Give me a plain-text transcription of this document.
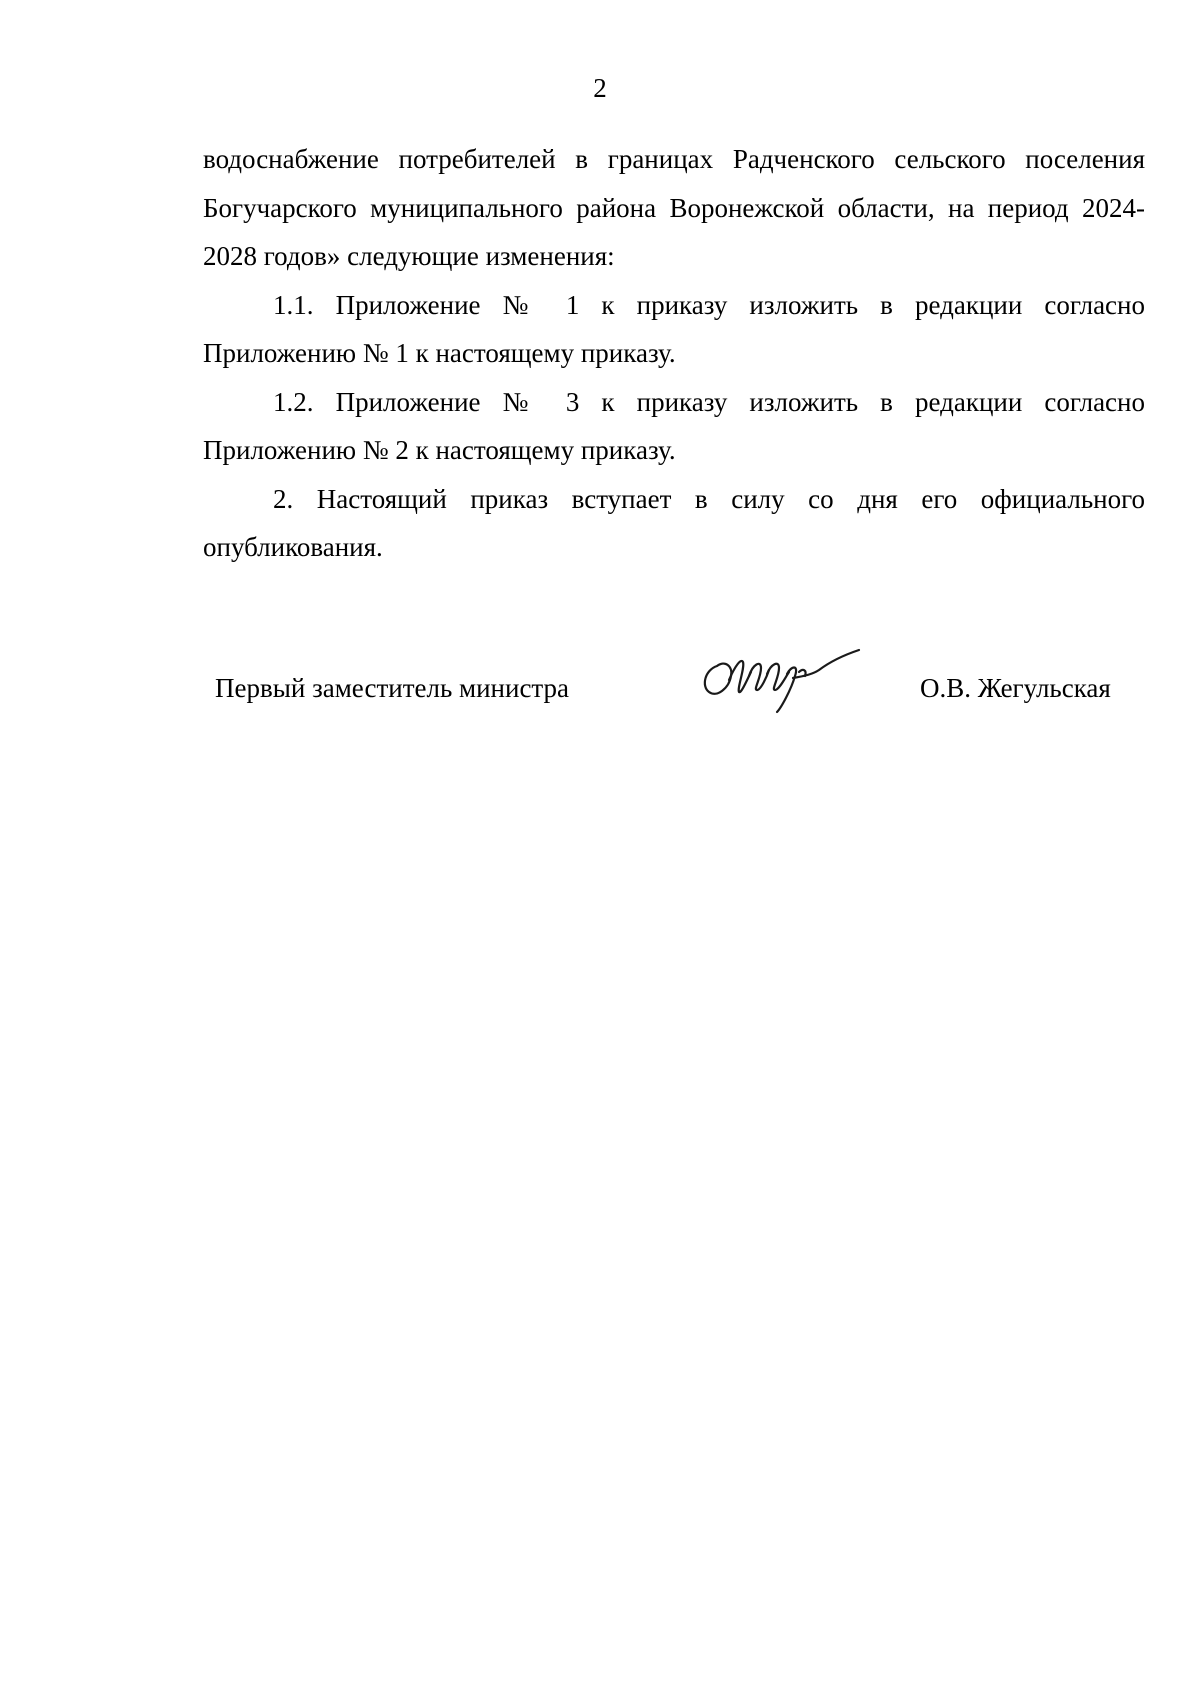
2

водоснабжение потребителей в границах Радченского сельского поселения Богучарского муниципального района Воронежской области, на период 2024-2028 годов» следующие изменения:

1.1. Приложение № 1 к приказу изложить в редакции согласно Приложению № 1 к настоящему приказу.

1.2. Приложение № 3 к приказу изложить в редакции согласно Приложению № 2 к настоящему приказу.

2. Настоящий приказ вступает в силу со дня его официального опубликования.

Первый заместитель министра	О.В. Жегульская
